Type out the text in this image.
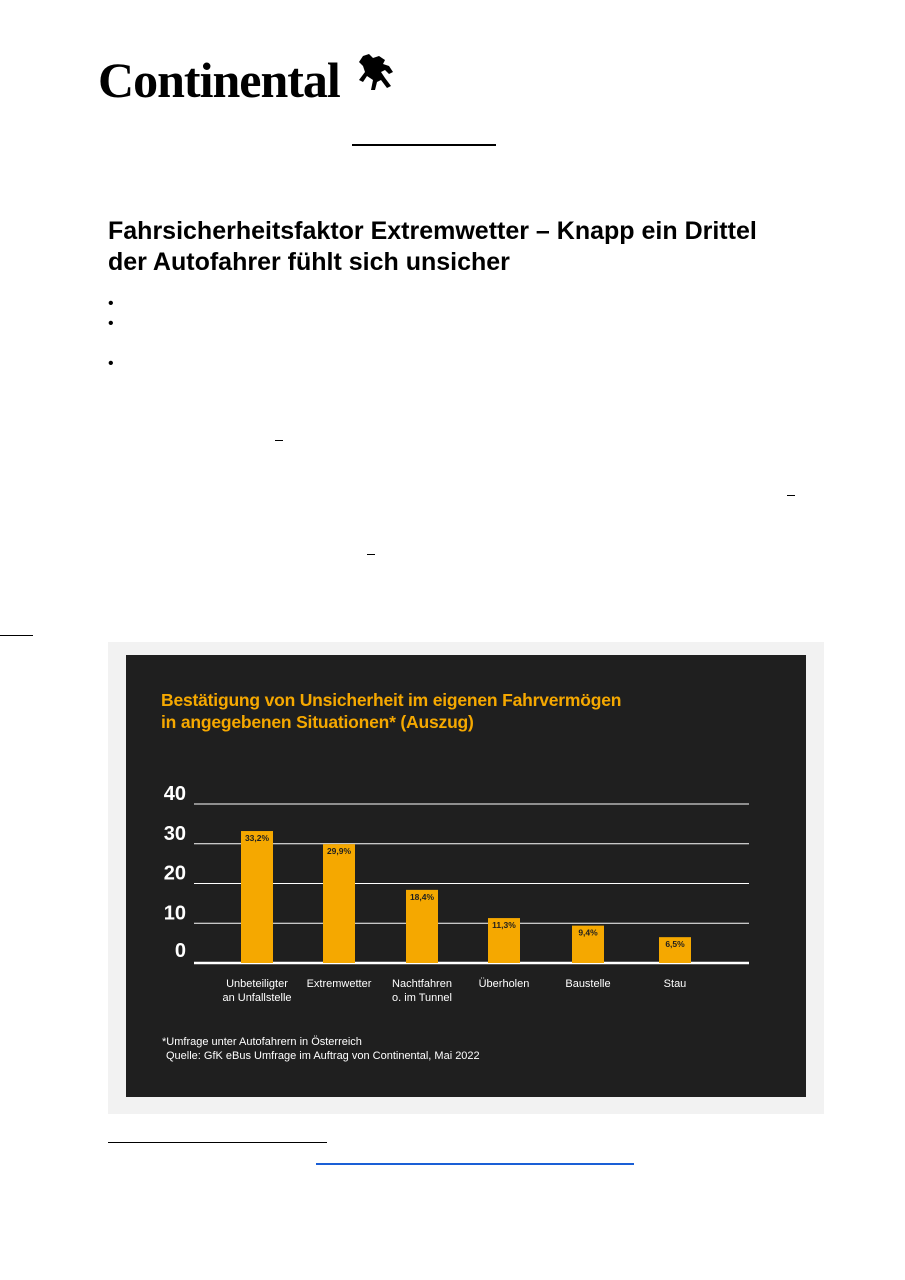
Continental
Fahrsicherheitsfaktor Extremwetter – Knapp ein Drittel
der Autofahrer fühlt sich unsicher
•
•
•
Bestätigung von Unsicherheit im eigenen Fahrvermögen
in angegebenen Situationen* (Auszug)
40
30
20
10
0
33,2%
Unbeteiligter
an Unfallstelle
29,9%
Extremwetter
18,4%
Nachtfahren
o. im Tunnel
11,3%
Überholen
9,4%
Baustelle
6,5%
Stau
*Umfrage unter Autofahrern in Österreich
Quelle: GfK eBus Umfrage im Auftrag von Continental, Mai 2022
